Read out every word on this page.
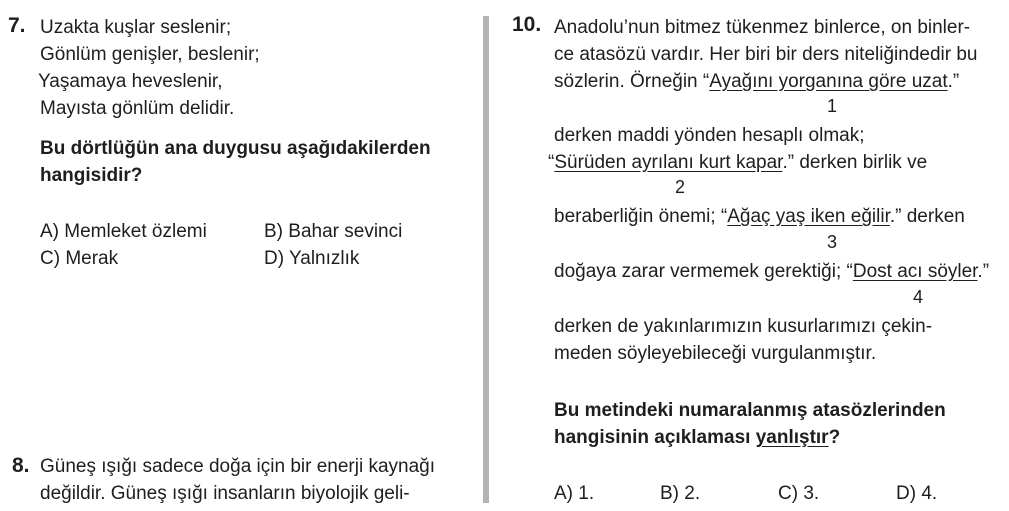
7. Uzakta kuşlar seslenir;
Gönlüm genişler, beslenir;
Yaşamaya heveslenir,
Mayısta gönlüm delidir.
Bu dörtlüğün ana duygusu aşağıdakilerden
hangisidir?
A) Memleket özlemi	B) Bahar sevinci
C) Merak	D) Yalnızlık
8. Güneş ışığı sadece doğa için bir enerji kaynağı
değildir. Güneş ışığı insanların biyolojik geli-
10. Anadolu’nun bitmez tükenmez binlerce, on binler-
ce atasözü vardır. Her biri bir ders niteliğindedir bu
sözlerin. Örneğin “Ayağını yorganına göre uzat.”
1
derken maddi yönden hesaplı olmak;
“Sürüden ayrılanı kurt kapar.” derken birlik ve
2
beraberliğin önemi; “Ağaç yaş iken eğilir.” derken
3
doğaya zarar vermemek gerektiği; “Dost acı söyler.”
4
derken de yakınlarımızın kusurlarımızı çekin-
meden söyleyebileceği vurgulanmıştır.
Bu metindeki numaralanmış atasözlerinden
hangisinin açıklaması yanlıştır?
A) 1.	B) 2.	C) 3.	D) 4.
